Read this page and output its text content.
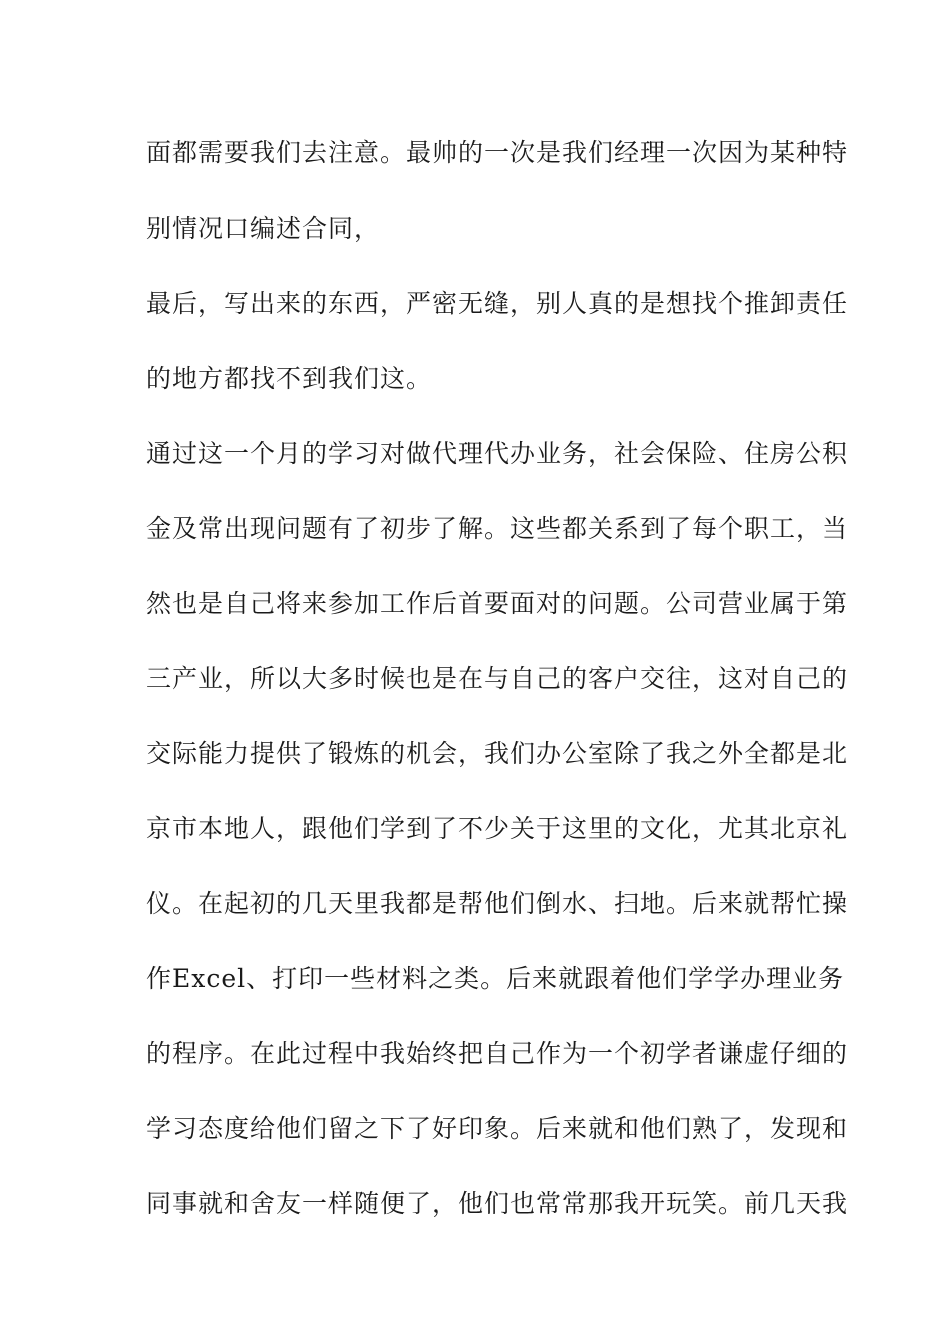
面都需要我们去注意。最帅的一次是我们经理一次因为某种特
别情况口编述合同，
最后，写出来的东西，严密无缝，别人真的是想找个推卸责任
的地方都找不到我们这。
通过这一个月的学习对做代理代办业务，社会保险、住房公积
金及常出现问题有了初步了解。这些都关系到了每个职工，当
然也是自己将来参加工作后首要面对的问题。公司营业属于第
三产业，所以大多时候也是在与自己的客户交往，这对自己的
交际能力提供了锻炼的机会，我们办公室除了我之外全都是北
京市本地人，跟他们学到了不少关于这里的文化，尤其北京礼
仪。在起初的几天里我都是帮他们倒水、扫地。后来就帮忙操
作Excel、打印一些材料之类。后来就跟着他们学学办理业务
的程序。在此过程中我始终把自己作为一个初学者谦虚仔细的
学习态度给他们留之下了好印象。后来就和他们熟了，发现和
同事就和舍友一样随便了，他们也常常那我开玩笑。前几天我
